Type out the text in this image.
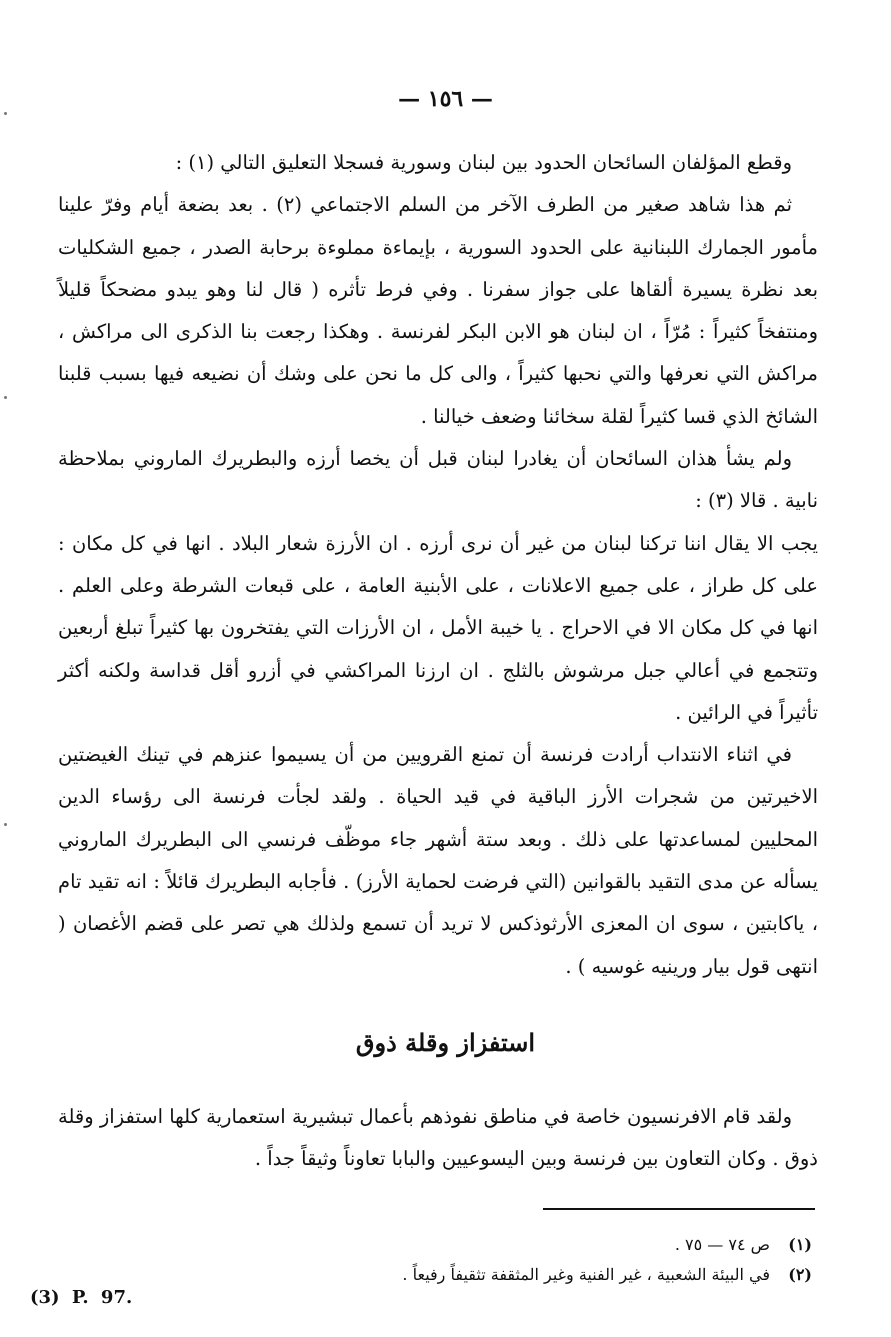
— ١٥٦ —

وقطع المؤلفان السائحان الحدود بين لبنان وسورية فسجلا التعليق التالي (١) :

ثم هذا شاهد صغير من الطرف الآخر من السلم الاجتماعي (٢) . بعد بضعة أيام وفرّ علينا مأمور الجمارك اللبنانية على الحدود السورية ، بإيماءة مملوءة برحابة الصدر ، جميع الشكليات بعد نظرة يسيرة ألقاها على جواز سفرنا . وفي فرط تأثره ( قال لنا وهو يبدو مضحكاً قليلاً ومنتفخاً كثيراً : مُرّاً ، ان لبنان هو الابن البكر لفرنسة . وهكذا رجعت بنا الذكرى الى مراكش ، مراكش التي نعرفها والتي نحبها كثيراً ، والى كل ما نحن على وشك أن نضيعه فيها بسبب قلبنا الشائخ الذي قسا كثيراً لقلة سخائنا وضعف خيالنا .

ولم يشأ هذان السائحان أن يغادرا لبنان قبل أن يخصا أرزه والبطريرك الماروني بملاحظة نابية . قالا (٣) :

يجب الا يقال اننا تركنا لبنان من غير أن نرى أرزه . ان الأرزة شعار البلاد . انها في كل مكان : على كل طراز ، على جميع الاعلانات ، على الأبنية العامة ، على قبعات الشرطة وعلى العلم . انها في كل مكان الا في الاحراج . يا خيبة الأمل ، ان الأرزات التي يفتخرون بها كثيراً تبلغ أربعين وتتجمع في أعالي جبل مرشوش بالثلج . ان ارزنا المراكشي في أزرو أقل قداسة ولكنه أكثر تأثيراً في الرائين .

في اثناء الانتداب أرادت فرنسة أن تمنع القرويين من أن يسيموا عنزهم في تينك الغيضتين الاخيرتين من شجرات الأرز الباقية في قيد الحياة . ولقد لجأت فرنسة الى رؤساء الدين المحليين لمساعدتها على ذلك . وبعد ستة أشهر جاء موظّف فرنسي الى البطريرك الماروني يسأله عن مدى التقيد بالقوانين (التي فرضت لحماية الأرز) . فأجابه البطريرك قائلاً : انه تقيد تام ، ياكابتين ، سوى ان المعزى الأرثوذكس لا تريد أن تسمع ولذلك هي تصر على قضم الأغصان ( انتهى قول بيار ورينيه غوسيه ) .

استفزاز وقلة ذوق

ولقد قام الافرنسيون خاصة في مناطق نفوذهم بأعمال تبشيرية استعمارية كلها استفزاز وقلة ذوق . وكان التعاون بين فرنسة وبين اليسوعيين والبابا تعاوناً وثيقاً جداً .

(١)
ص ٧٤ — ٧٥ .
(٢)
في البيئة الشعبية ، غير الفنية وغير المثقفة تثقيفاً رفيعاً .
(3) P. 97.
